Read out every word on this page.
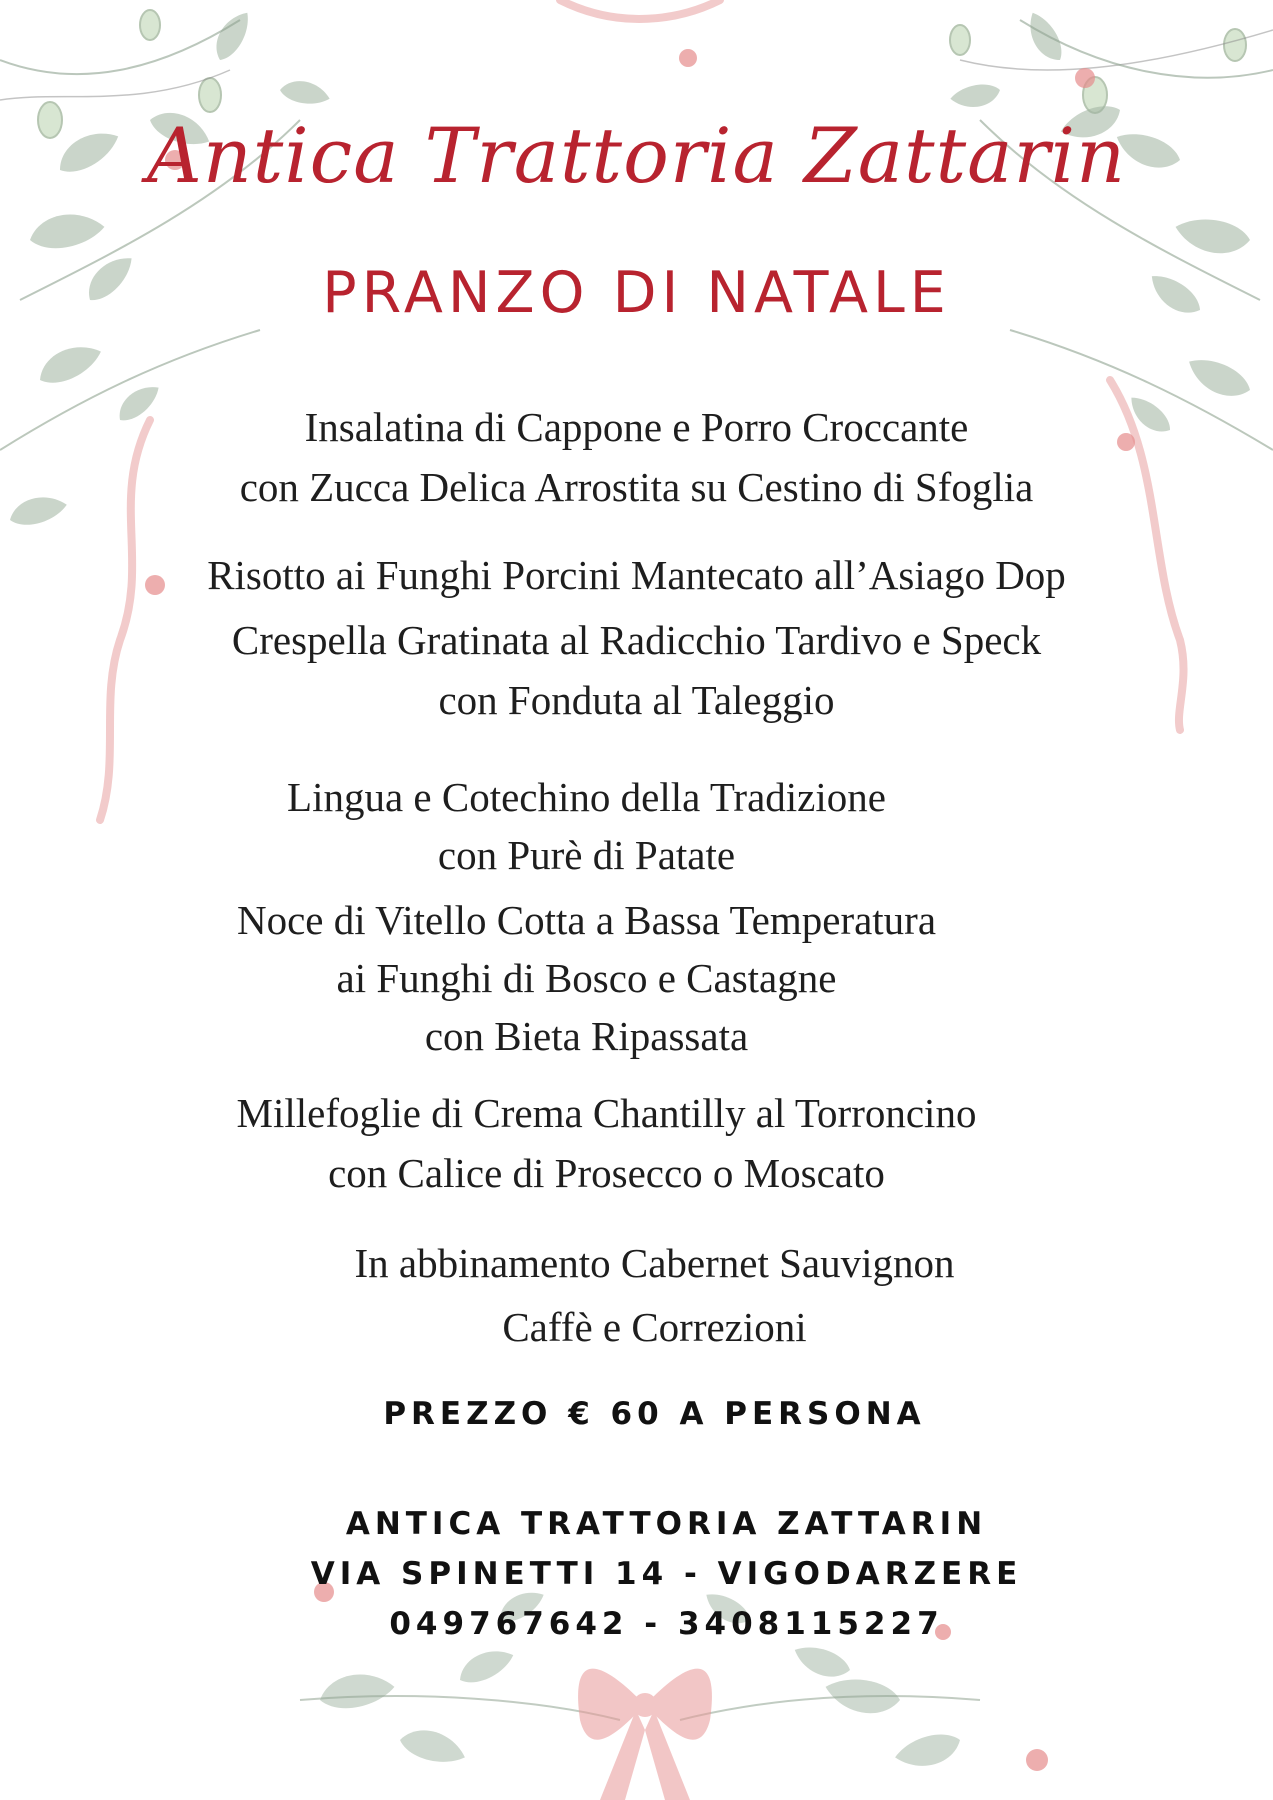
Antica Trattoria Zattarin
PRANZO DI NATALE
Insalatina di Cappone e Porro Croccante
con Zucca Delica Arrostita su Cestino di Sfoglia
Risotto ai Funghi Porcini Mantecato all’Asiago Dop
Crespella Gratinata al Radicchio Tardivo e Speck
con Fonduta al Taleggio
Lingua e Cotechino della Tradizione
con Purè di Patate
Noce di Vitello Cotta a Bassa Temperatura
ai Funghi di Bosco e Castagne
con Bieta Ripassata
Millefoglie di Crema Chantilly al Torroncino
con Calice di Prosecco o Moscato
In abbinamento Cabernet Sauvignon
Caffè e Correzioni
PREZZO € 60 A PERSONA
ANTICA TRATTORIA ZATTARIN
VIA SPINETTI 14 - VIGODARZERE
049767642 - 3408115227
